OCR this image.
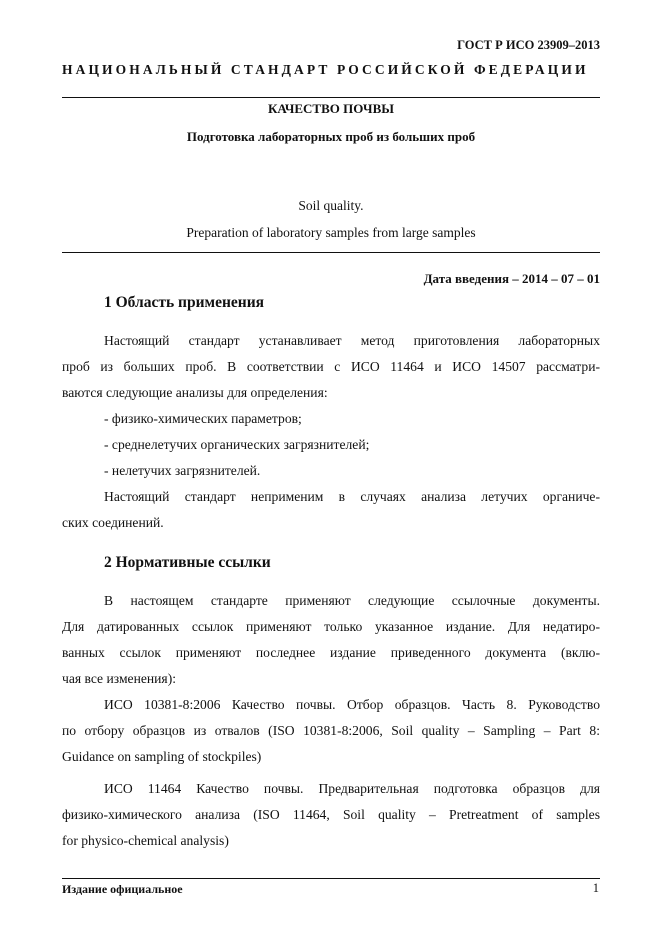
ГОСТ Р ИСО 23909–2013
НАЦИОНАЛЬНЫЙ СТАНДАРТ РОССИЙСКОЙ ФЕДЕРАЦИИ
КАЧЕСТВО ПОЧВЫ
Подготовка лабораторных проб из больших проб
Soil quality.
Preparation of laboratory samples from large samples
Дата введения – 2014 – 07 – 01
1 Область применения
Настоящий стандарт устанавливает метод приготовления лабораторных
проб из больших проб. В соответствии с ИСО 11464 и ИСО 14507 рассматри-
ваются следующие анализы для определения:
- физико-химических параметров;
- среднелетучих органических загрязнителей;
- нелетучих загрязнителей.
Настоящий стандарт неприменим в случаях анализа летучих органиче-
ских соединений.
2 Нормативные ссылки
В настоящем стандарте применяют следующие ссылочные документы.
Для датированных ссылок применяют только указанное издание. Для недатиро-
ванных ссылок применяют последнее издание приведенного документа (вклю-
чая все изменения):
ИСО 10381-8:2006 Качество почвы. Отбор образцов. Часть 8. Руководство
по отбору образцов из отвалов (ISO 10381-8:2006, Soil quality – Sampling – Part 8:
Guidance on sampling of stockpiles)
ИСО 11464 Качество почвы. Предварительная подготовка образцов для
физико-химического анализа (ISO 11464, Soil quality – Pretreatment of samples
for physico-chemical analysis)
Издание официальное	1
